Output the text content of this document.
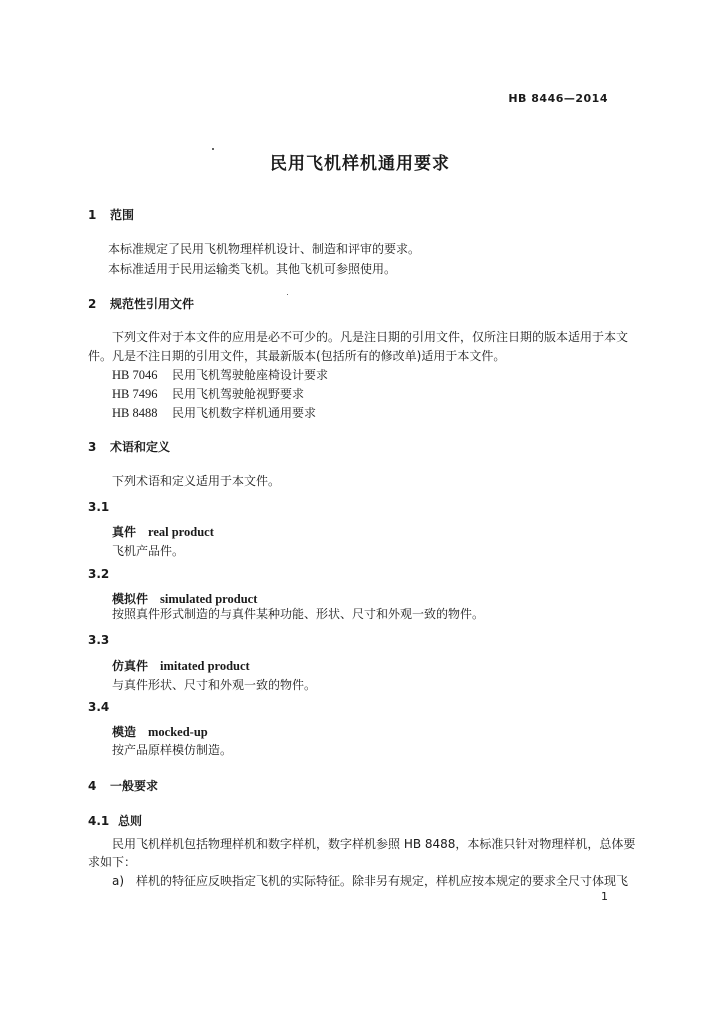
HB 8446—2014
民用飞机样机通用要求
1 范围
本标准规定了民用飞机物理样机设计、制造和评审的要求。
本标准适用于民用运输类飞机。其他飞机可参照使用。
2 规范性引用文件
下列文件对于本文件的应用是必不可少的。凡是注日期的引用文件，仅所注日期的版本适用于本文
件。凡是不注日期的引用文件，其最新版本(包括所有的修改单)适用于本文件。
HB 7046 民用飞机驾驶舱座椅设计要求
HB 7496 民用飞机驾驶舱视野要求
HB 8488 民用飞机数字样机通用要求
3 术语和定义
下列术语和定义适用于本文件。
3.1
真件 real product
飞机产品件。
3.2
模拟件 simulated product
按照真件形式制造的与真件某种功能、形状、尺寸和外观一致的物件。
3.3
仿真件 imitated product
与真件形状、尺寸和外观一致的物件。
3.4
模造 mocked-up
按产品原样模仿制造。
4 一般要求
4.1 总则
民用飞机样机包括物理样机和数字样机，数字样机参照 HB 8488，本标准只针对物理样机，总体要
求如下：
a) 样机的特征应反映指定飞机的实际特征。除非另有规定，样机应按本规定的要求全尺寸体现飞
1
